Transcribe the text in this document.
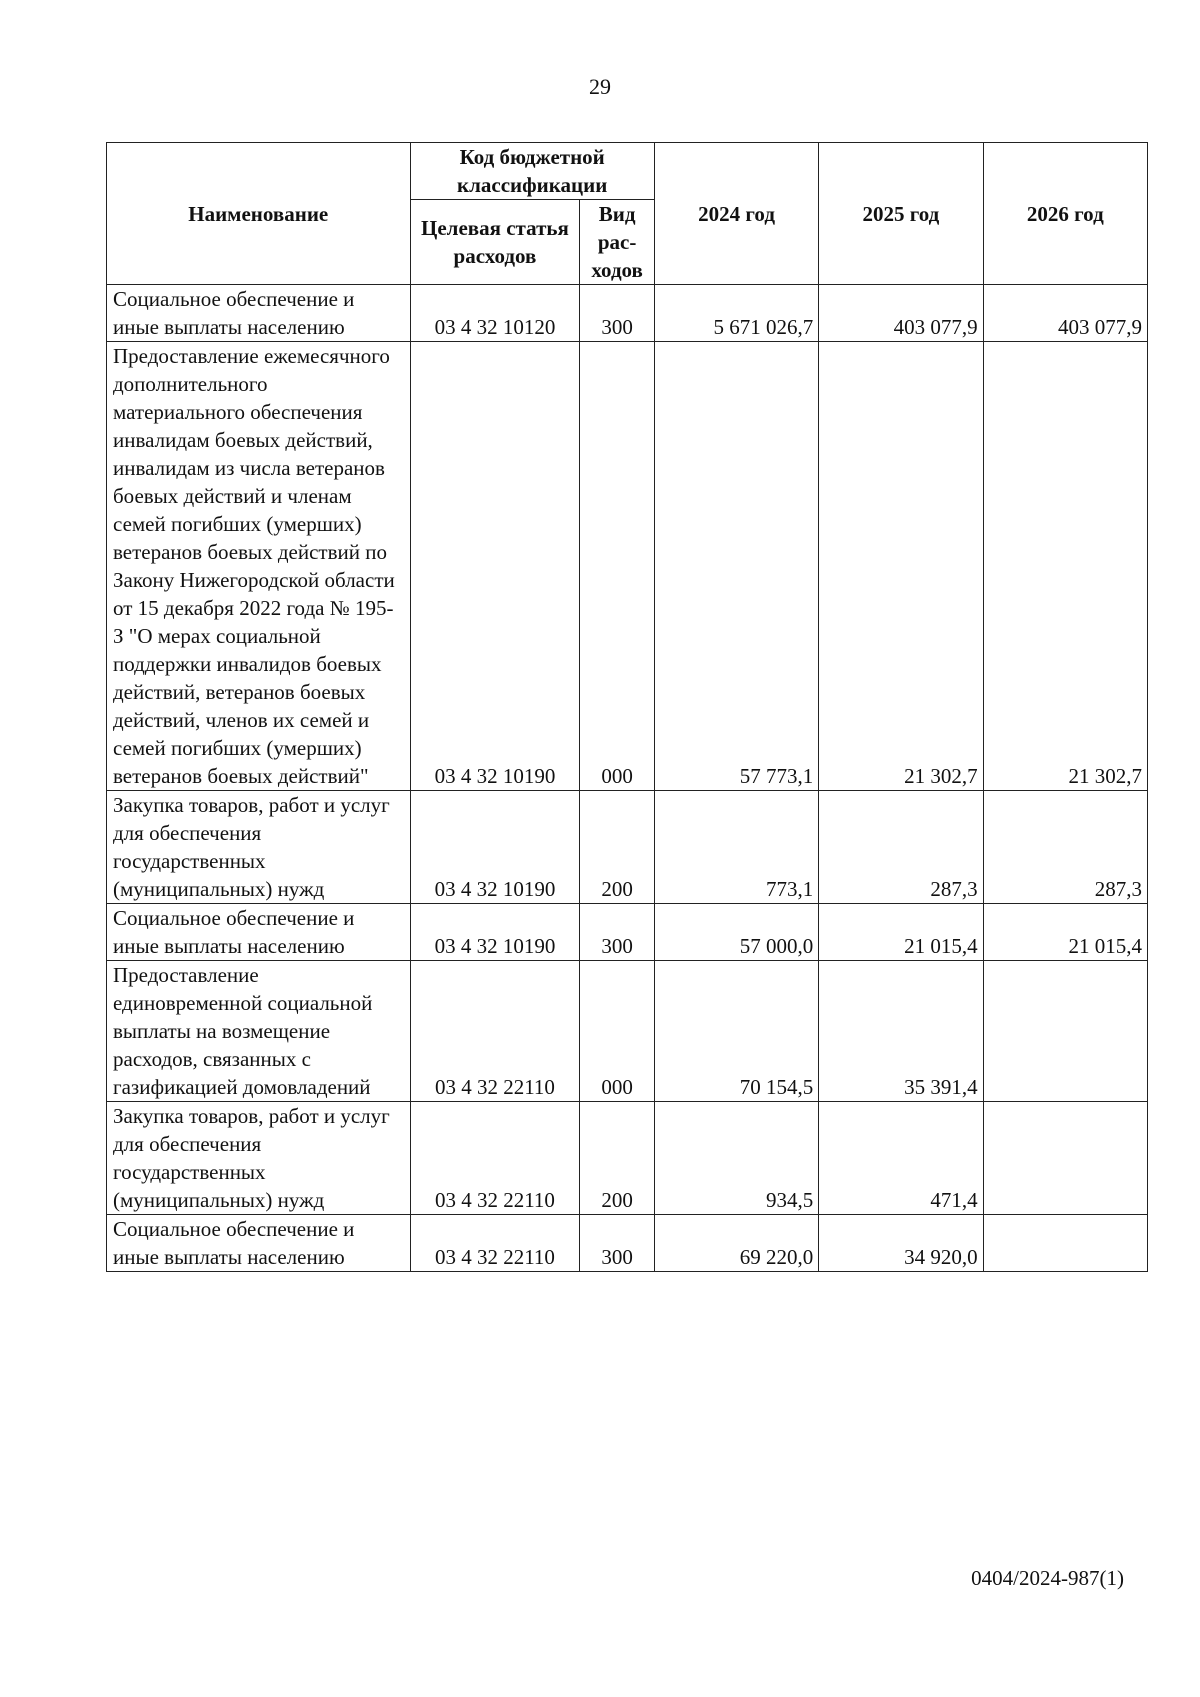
29
Наименование	Код бюджетной классификации		2024 год	2025 год	2026 год
	Целевая статья расходов	Вид рас-ходов			
Социальное обеспечение и иные выплаты населению	03 4 32 10120	300	5 671 026,7	403 077,9	403 077,9
Предоставление ежемесячного дополнительного материального обеспечения инвалидам боевых действий, инвалидам из числа ветеранов боевых действий и членам семей погибших (умерших) ветеранов боевых действий по Закону Нижегородской области от 15 декабря 2022 года № 195-З "О мерах социальной поддержки инвалидов боевых действий, ветеранов боевых действий, членов их семей и семей погибших (умерших) ветеранов боевых действий"	03 4 32 10190	000	57 773,1	21 302,7	21 302,7
Закупка товаров, работ и услуг для обеспечения государственных (муниципальных) нужд	03 4 32 10190	200	773,1	287,3	287,3
Социальное обеспечение и иные выплаты населению	03 4 32 10190	300	57 000,0	21 015,4	21 015,4
Предоставление единовременной социальной выплаты на возмещение расходов, связанных с газификацией домовладений	03 4 32 22110	000	70 154,5	35 391,4	
Закупка товаров, работ и услуг для обеспечения государственных (муниципальных) нужд	03 4 32 22110	200	934,5	471,4	
Социальное обеспечение и иные выплаты населению	03 4 32 22110	300	69 220,0	34 920,0	
0404/2024-987(1)
